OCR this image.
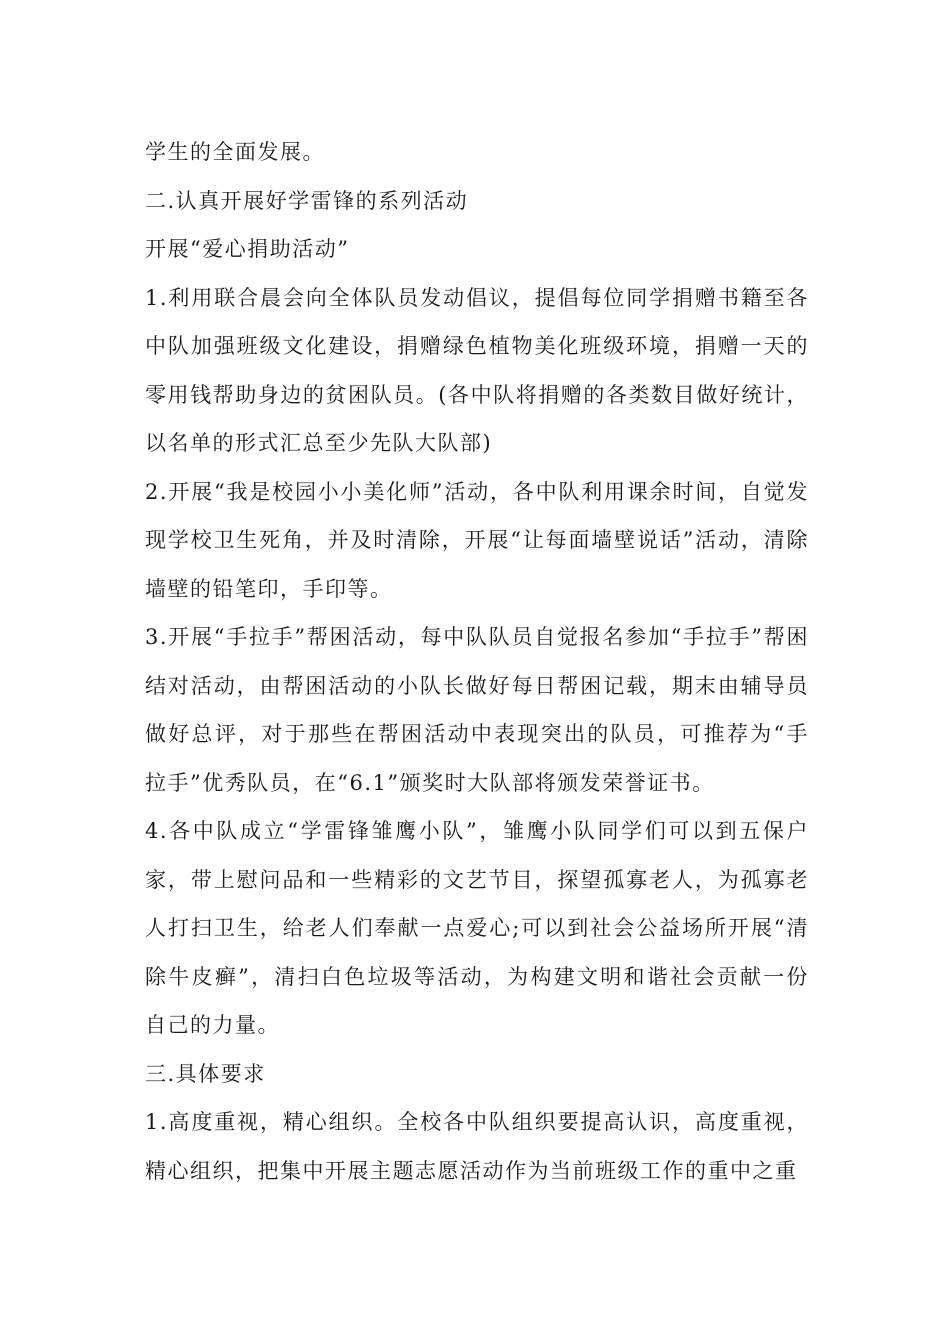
学生的全面发展。

二.认真开展好学雷锋的系列活动

开展“爱心捐助活动”

1.利用联合晨会向全体队员发动倡议，提倡每位同学捐赠书籍至各中队加强班级文化建设，捐赠绿色植物美化班级环境，捐赠一天的零用钱帮助身边的贫困队员。(各中队将捐赠的各类数目做好统计，以名单的形式汇总至少先队大队部)

2.开展“我是校园小小美化师”活动，各中队利用课余时间，自觉发现学校卫生死角，并及时清除，开展“让每面墙壁说话”活动，清除墙壁的铅笔印，手印等。

3.开展“手拉手”帮困活动，每中队队员自觉报名参加“手拉手”帮困结对活动，由帮困活动的小队长做好每日帮困记载，期末由辅导员做好总评，对于那些在帮困活动中表现突出的队员，可推荐为“手拉手”优秀队员，在“6.1”颁奖时大队部将颁发荣誉证书。

4.各中队成立“学雷锋雏鹰小队”，雏鹰小队同学们可以到五保户家，带上慰问品和一些精彩的文艺节目，探望孤寡老人，为孤寡老人打扫卫生，给老人们奉献一点爱心;可以到社会公益场所开展“清除牛皮癣”，清扫白色垃圾等活动，为构建文明和谐社会贡献一份自己的力量。

三.具体要求

1.高度重视，精心组织。全校各中队组织要提高认识，高度重视，精心组织，把集中开展主题志愿活动作为当前班级工作的重中之重
